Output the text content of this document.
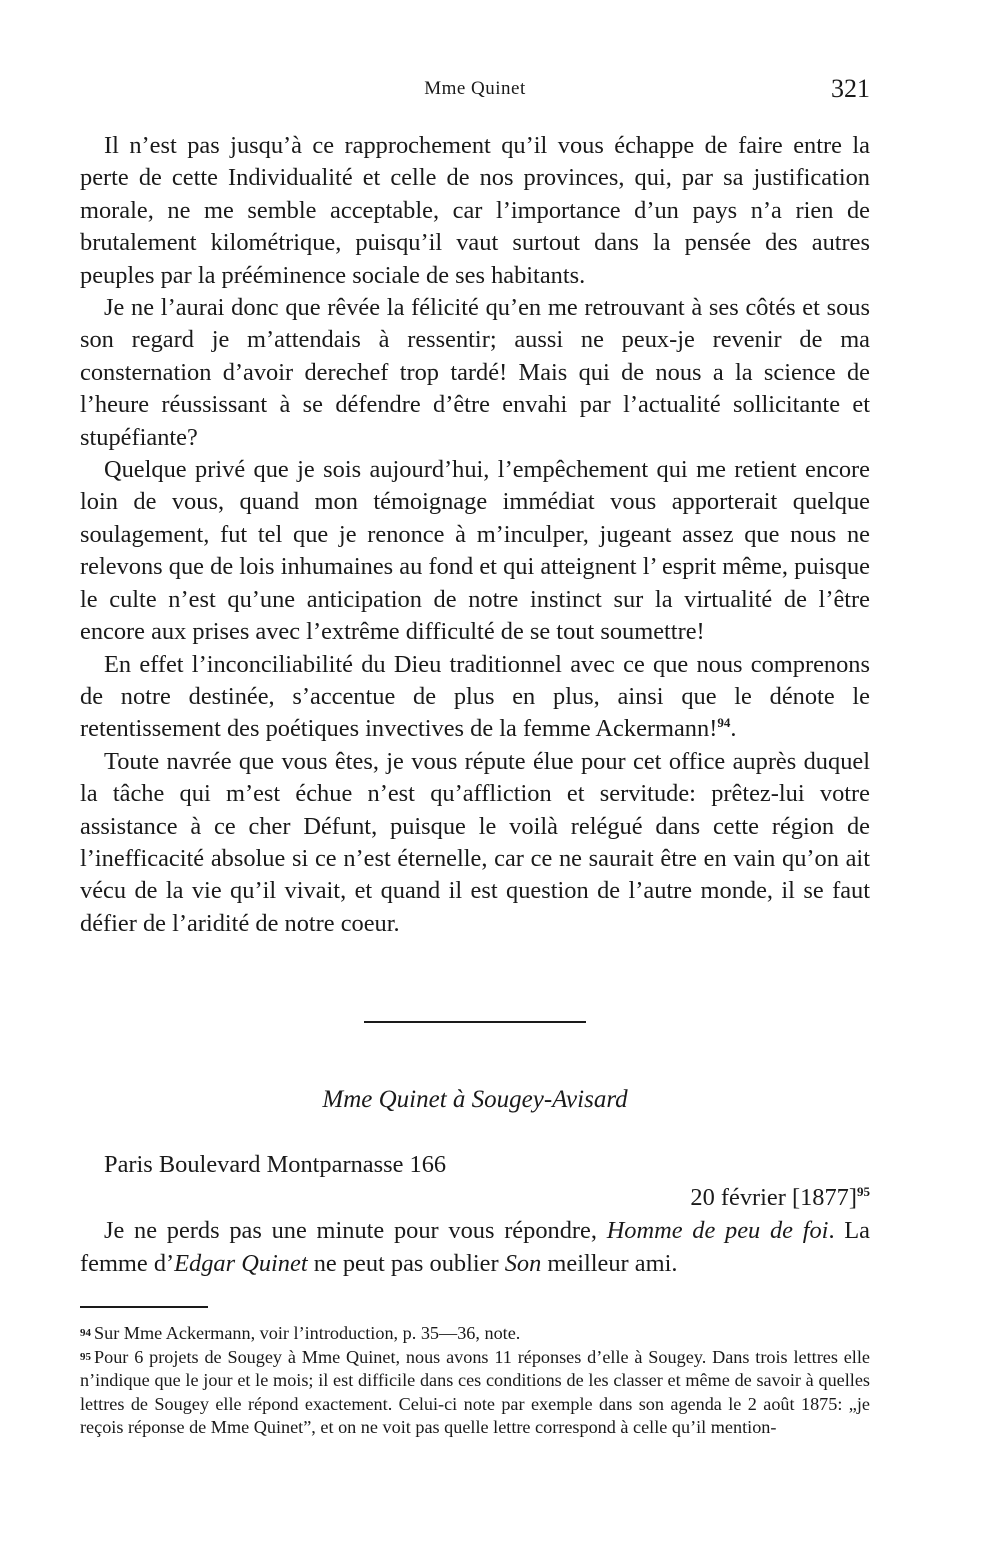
Mme Quinet	321

Il n’est pas jusqu’à ce rapprochement qu’il vous échappe de faire entre la perte de cette Individualité et celle de nos provinces, qui, par sa justification morale, ne me semble acceptable, car l’importance d’un pays n’a rien de brutalement kilométrique, puisqu’il vaut surtout dans la pensée des autres peuples par la prééminence sociale de ses habitants.

Je ne l’aurai donc que rêvée la félicité qu’en me retrouvant à ses côtés et sous son regard je m’attendais à ressentir; aussi ne peux-je revenir de ma consternation d’avoir derechef trop tardé! Mais qui de nous a la science de l’heure réussissant à se défendre d’être envahi par l’actualité sollicitante et stupéfiante?

Quelque privé que je sois aujourd’hui, l’empêchement qui me retient encore loin de vous, quand mon témoignage immédiat vous apporterait quelque soulagement, fut tel que je renonce à m’inculper, jugeant assez que nous ne relevons que de lois inhumaines au fond et qui atteignent l’ esprit même, puisque le culte n’est qu’une anticipation de notre instinct sur la virtualité de l’être encore aux prises avec l’extrême difficulté de se tout soumettre!

En effet l’inconciliabilité du Dieu traditionnel avec ce que nous comprenons de notre destinée, s’accentue de plus en plus, ainsi que le dénote le retentissement des poétiques invectives de la femme Ackermann!$^{94}$.

Toute navrée que vous êtes, je vous répute élue pour cet office auprès duquel la tâche qui m’est échue n’est qu’affliction et servitude: prêtez-lui votre assistance à ce cher Défunt, puisque le voilà relégué dans cette région de l’inefficacité absolue si ce n’est éternelle, car ce ne saurait être en vain qu’on ait vécu de la vie qu’il vivait, et quand il est question de l’autre monde, il se faut défier de l’aridité de notre coeur.

Mme Quinet à Sougey-Avisard

Paris Boulevard Montparnasse 166

20 février $[1877]^{95}$

Je ne perds pas une minute pour vous répondre, Homme de peu de foi. La femme d’Edgar Quinet ne peut pas oublier Son meilleur ami.

94 Sur Mme Ackermann, voir l’introduction, p. 35—36, note.

95 Pour 6 projets de Sougey à Mme Quinet, nous avons 11 réponses d’elle à Sougey. Dans trois lettres elle n’indique que le jour et le mois; il est difficile dans ces conditions de les classer et même de savoir à quelles lettres de Sougey elle répond exactement. Celui-ci note par exemple dans son agenda le 2 août 1875: „je reçois réponse de Mme Quinet”, et on ne voit pas quelle lettre correspond à celle qu’il mention-
